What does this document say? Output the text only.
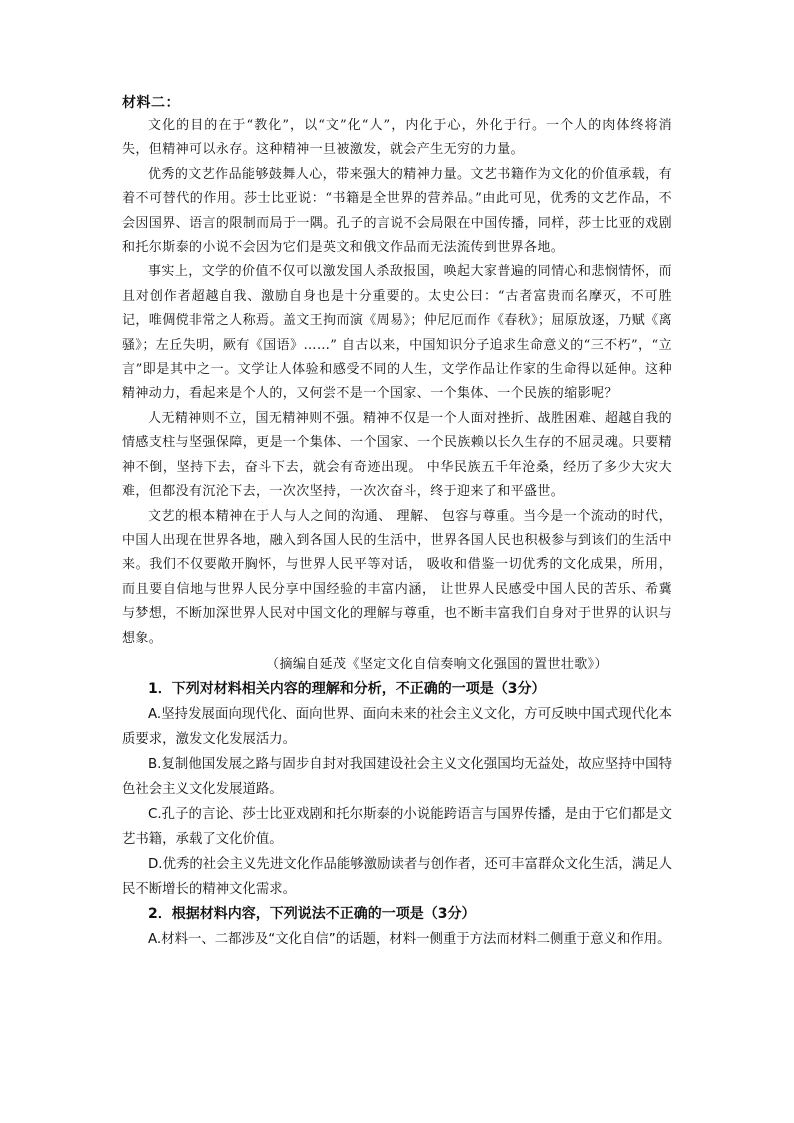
材料二：

文化的目的在于“教化”，以“文”化“人”，内化于心，外化于行。一个人的肉体终将消失，但精神可以永存。这种精神一旦被激发，就会产生无穷的力量。

优秀的文艺作品能够鼓舞人心，带来强大的精神力量。文艺书籍作为文化的价值承载，有着不可替代的作用。莎士比亚说：“书籍是全世界的营养品。”由此可见，优秀的文艺作品，不会因国界、语言的限制而局于一隅。孔子的言说不会局限在中国传播，同样，莎士比亚的戏剧和托尔斯泰的小说不会因为它们是英文和俄文作品而无法流传到世界各地。

事实上，文学的价值不仅可以激发国人杀敌报国，唤起大家普遍的同情心和悲悯情怀，而且对创作者超越自我、激励自身也是十分重要的。太史公曰：“古者富贵而名摩灭，不可胜记，唯倜傥非常之人称焉。盖文王拘而演《周易》；仲尼厄而作《春秋》；屈原放逐，乃赋《离骚》；左丘失明，厥有《国语》……” 自古以来，中国知识分子追求生命意义的“三不朽”，“立言”即是其中之一。文学让人体验和感受不同的人生，文学作品让作家的生命得以延伸。这种精神动力，看起来是个人的，又何尝不是一个国家、一个集体、一个民族的缩影呢？

人无精神则不立，国无精神则不强。精神不仅是一个人面对挫折、战胜困难、超越自我的情感支柱与坚强保障，更是一个集体、一个国家、一个民族赖以长久生存的不屈灵魂。只要精神不倒，坚持下去，奋斗下去，就会有奇迹出现。 中华民族五千年沧桑，经历了多少大灾大难，但都没有沉沦下去，一次次坚持，一次次奋斗，终于迎来了和平盛世。

文艺的根本精神在于人与人之间的沟通、 理解、 包容与尊重。当今是一个流动的时代，中国人出现在世界各地，融入到各国人民的生活中，世界各国人民也积极参与到该们的生活中来。我们不仅要敞开胸怀，与世界人民平等对话， 吸收和借鉴一切优秀的文化成果，所用，而且要自信地与世界人民分享中国经验的丰富内涵， 让世界人民感受中国人民的苦乐、希冀与梦想，不断加深世界人民对中国文化的理解与尊重，也不断丰富我们自身对于世界的认识与想象。

（摘编自延茂《坚定文化自信奏响文化强国的置世壮歌》）

1．下列对材料相关内容的理解和分析，不正确的一项是（3分）

A.坚持发展面向现代化、面向世界、面向未来的社会主义文化，方可反映中国式现代化本质要求，激发文化发展活力。

B.复制他国发展之路与固步自封对我国建设社会主义文化强国均无益处，故应坚持中国特色社会主义文化发展道路。

C.孔子的言论、莎士比亚戏剧和托尔斯泰的小说能跨语言与国界传播，是由于它们都是文艺书籍，承载了文化价值。

D.优秀的社会主义先进文化作品能够激励读者与创作者，还可丰富群众文化生活，满足人民不断增长的精神文化需求。

2．根据材料内容，下列说法不正确的一项是（3分）

A.材料一、二都涉及“文化自信”的话题，材料一侧重于方法而材料二侧重于意义和作用。
